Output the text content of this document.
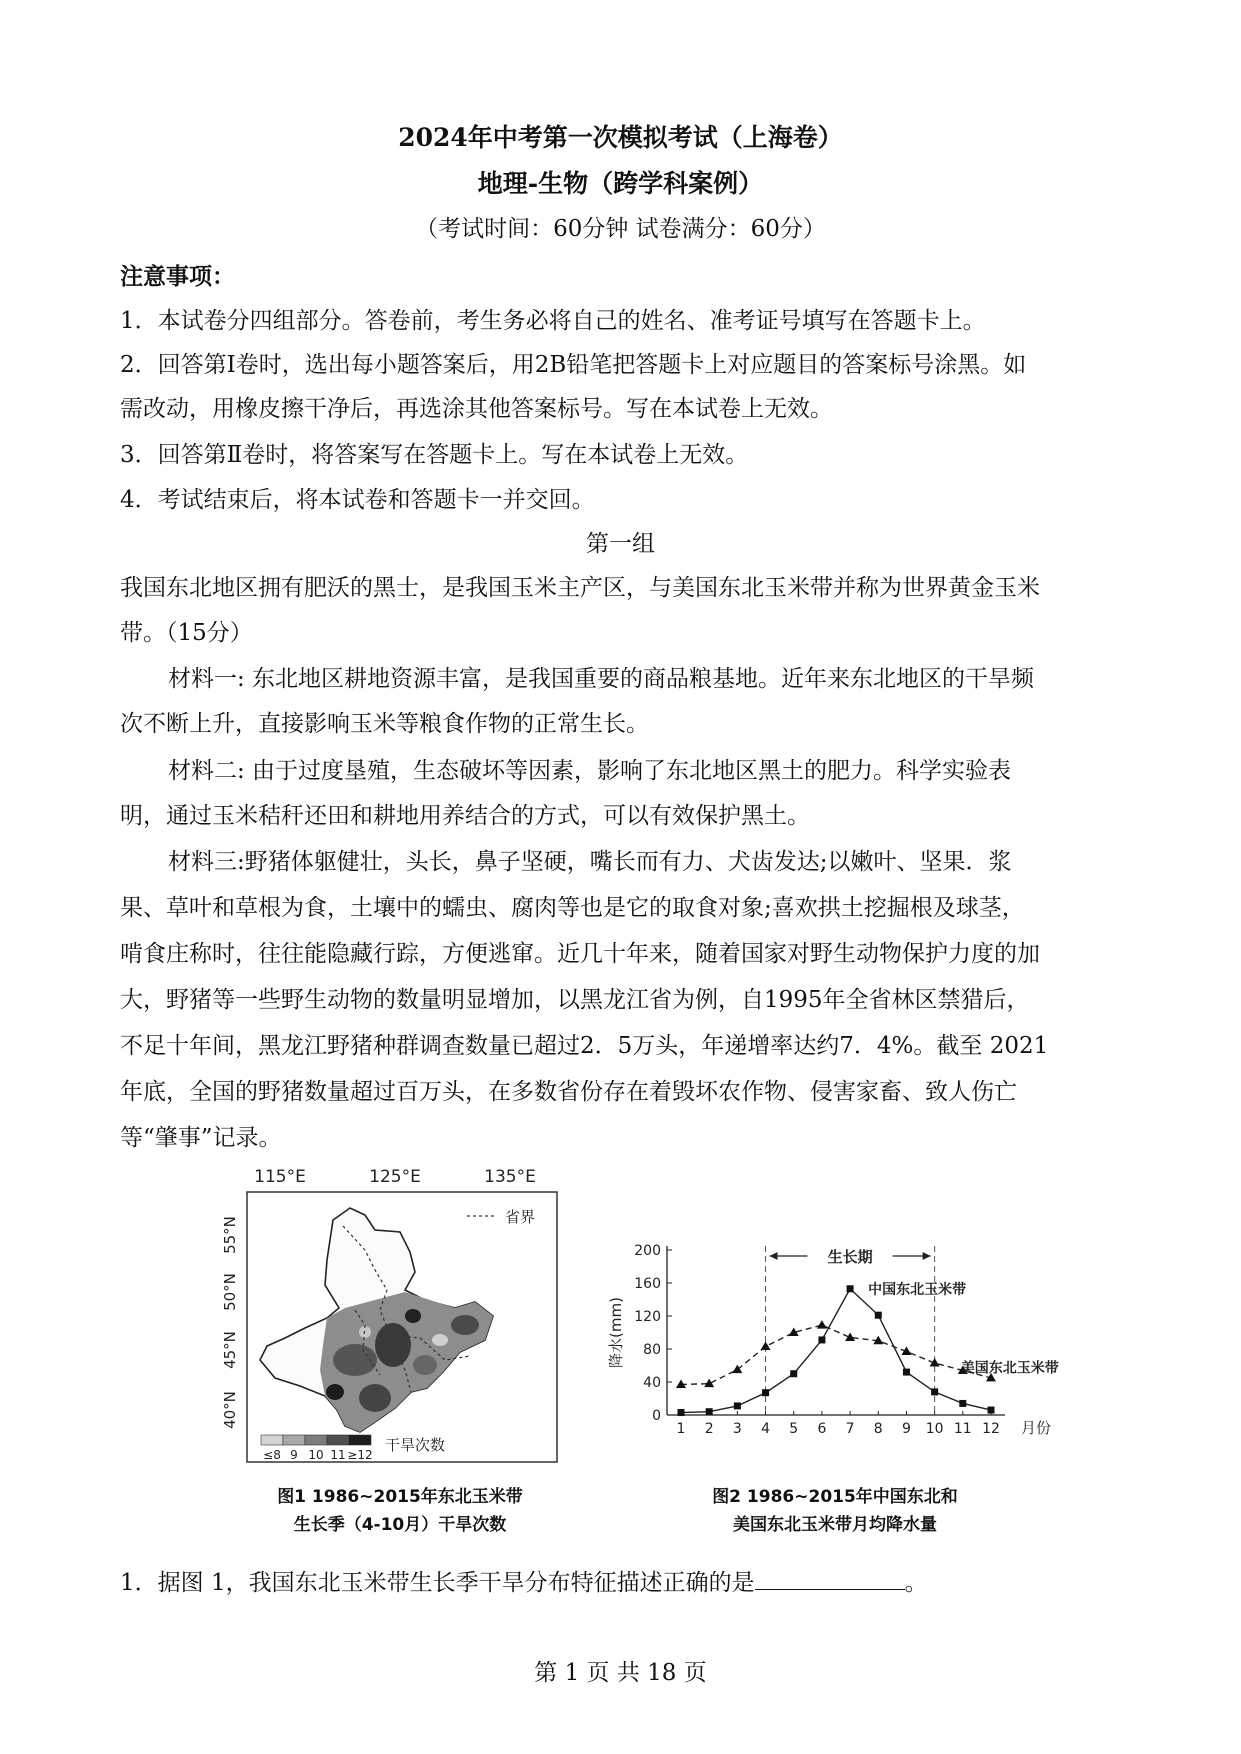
2024年中考第一次模拟考试（上海卷）
地理-生物（跨学科案例）
（考试时间：60分钟 试卷满分：60分）
注意事项：
1．本试卷分四组部分。答卷前，考生务必将自己的姓名、准考证号填写在答题卡上。
2．回答第Ⅰ卷时，选出每小题答案后，用2B铅笔把答题卡上对应题目的答案标号涂黑。如
需改动，用橡皮擦干净后，再选涂其他答案标号。写在本试卷上无效。
3．回答第Ⅱ卷时，将答案写在答题卡上。写在本试卷上无效。
4．考试结束后，将本试卷和答题卡一并交回。
第一组
我国东北地区拥有肥沃的黑士，是我国玉米主产区，与美国东北玉米带并称为世界黄金玉米
带。（15分）
材料一: 东北地区耕地资源丰富，是我国重要的商品粮基地。近年来东北地区的干旱频
次不断上升，直接影响玉米等粮食作物的正常生长。
材料二: 由于过度垦殖，生态破坏等因素，影响了东北地区黑土的肥力。科学实验表
明，通过玉米秸秆还田和耕地用养结合的方式，可以有效保护黑土。
材料三:野猪体躯健壮，头长，鼻子坚硬，嘴长而有力、犬齿发达;以嫩叶、坚果．浆
果、草叶和草根为食，土壤中的蠕虫、腐肉等也是它的取食对象;喜欢拱土挖掘根及球茎，
啃食庄称时，往往能隐藏行踪，方便逃窜。近几十年来，随着国家对野生动物保护力度的加
大，野猪等一些野生动物的数量明显增加，以黑龙江省为例，自1995年全省林区禁猎后，
不足十年间，黑龙江野猪种群调查数量已超过2．5万头，年递增率达约7．4%。截至 2021
年底，全国的野猪数量超过百万头，在多数省份存在着毁坏农作物、侵害家畜、致人伤亡
等“肇事”记录。
115°E	125°E	135°E
55°N
50°N
45°N
40°N
省界
≤8 9 10 11 ≥12
干旱次数
图1 1986~2015年东北玉米带
生长季（4-10月）干旱次数
0
40
80
120
160
200
1 2 3 4 5 6 7 8 9 10 11 12 月份
降水(mm)
生长期
中国东北玉米带
美国东北玉米带
图2 1986~2015年中国东北和
美国东北玉米带月均降水量
1．据图 1，我国东北玉米带生长季干旱分布特征描述正确的是	。
第 1 页 共 18 页
